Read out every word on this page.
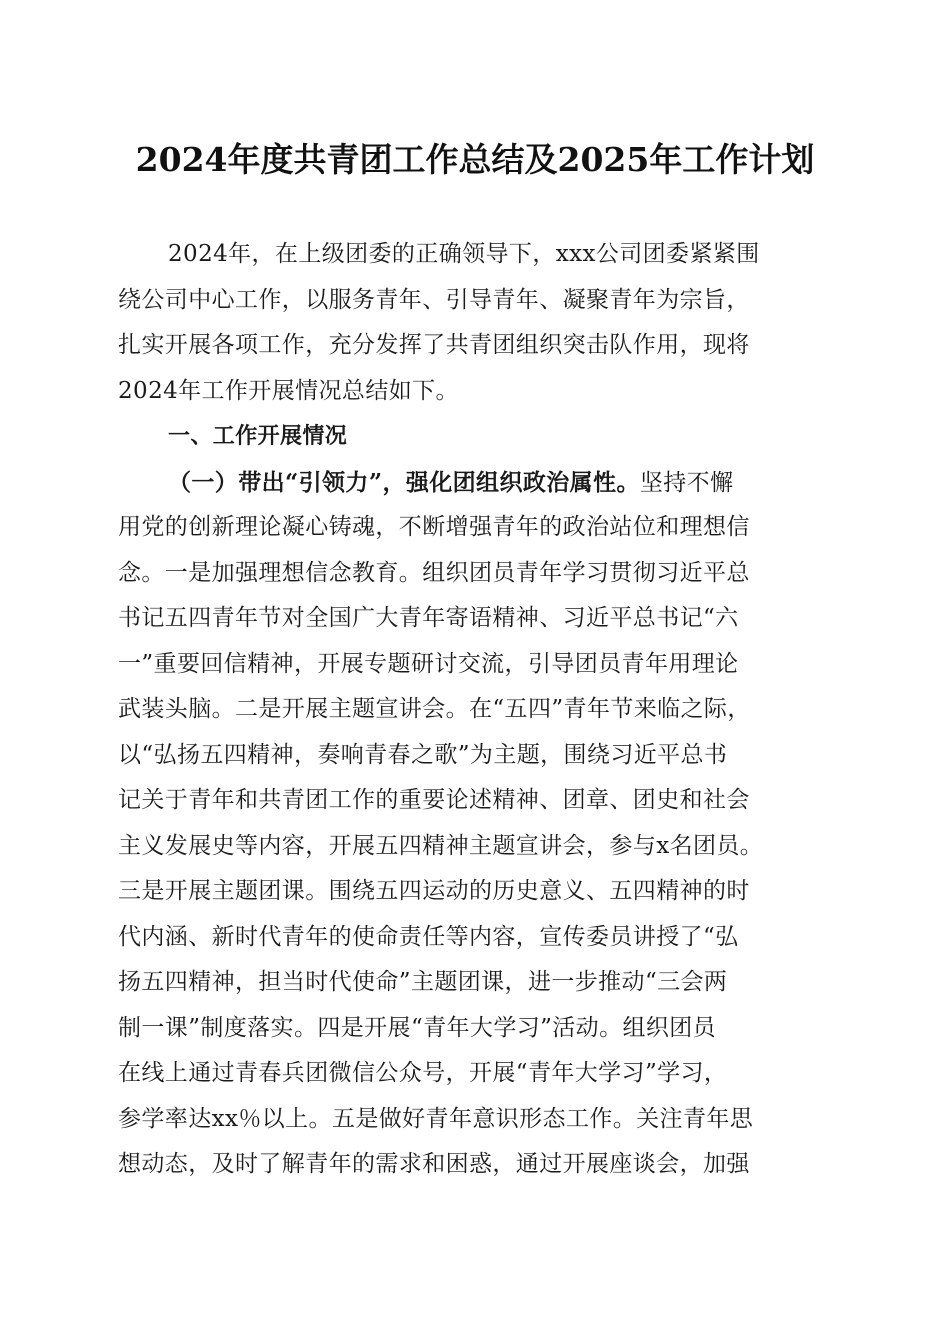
2024年度共青团工作总结及2025年工作计划
2024年，在上级团委的正确领导下，xxx公司团委紧紧围
绕公司中心工作，以服务青年、引导青年、凝聚青年为宗旨，
扎实开展各项工作，充分发挥了共青团组织突击队作用，现将
2024年工作开展情况总结如下。
一、工作开展情况
（一）带出“引领力”，强化团组织政治属性。坚持不懈
用党的创新理论凝心铸魂，不断增强青年的政治站位和理想信
念。一是加强理想信念教育。组织团员青年学习贯彻习近平总
书记五四青年节对全国广大青年寄语精神、习近平总书记“六
一”重要回信精神，开展专题研讨交流，引导团员青年用理论
武装头脑。二是开展主题宣讲会。在“五四”青年节来临之际，
以“弘扬五四精神，奏响青春之歌”为主题，围绕习近平总书
记关于青年和共青团工作的重要论述精神、团章、团史和社会
主义发展史等内容，开展五四精神主题宣讲会，参与x名团员。
三是开展主题团课。围绕五四运动的历史意义、五四精神的时
代内涵、新时代青年的使命责任等内容，宣传委员讲授了“弘
扬五四精神，担当时代使命”主题团课，进一步推动“三会两
制一课”制度落实。四是开展“青年大学习”活动。组织团员
在线上通过青春兵团微信公众号，开展“青年大学习”学习，
参学率达xx％以上。五是做好青年意识形态工作。关注青年思
想动态，及时了解青年的需求和困惑，通过开展座谈会，加强
